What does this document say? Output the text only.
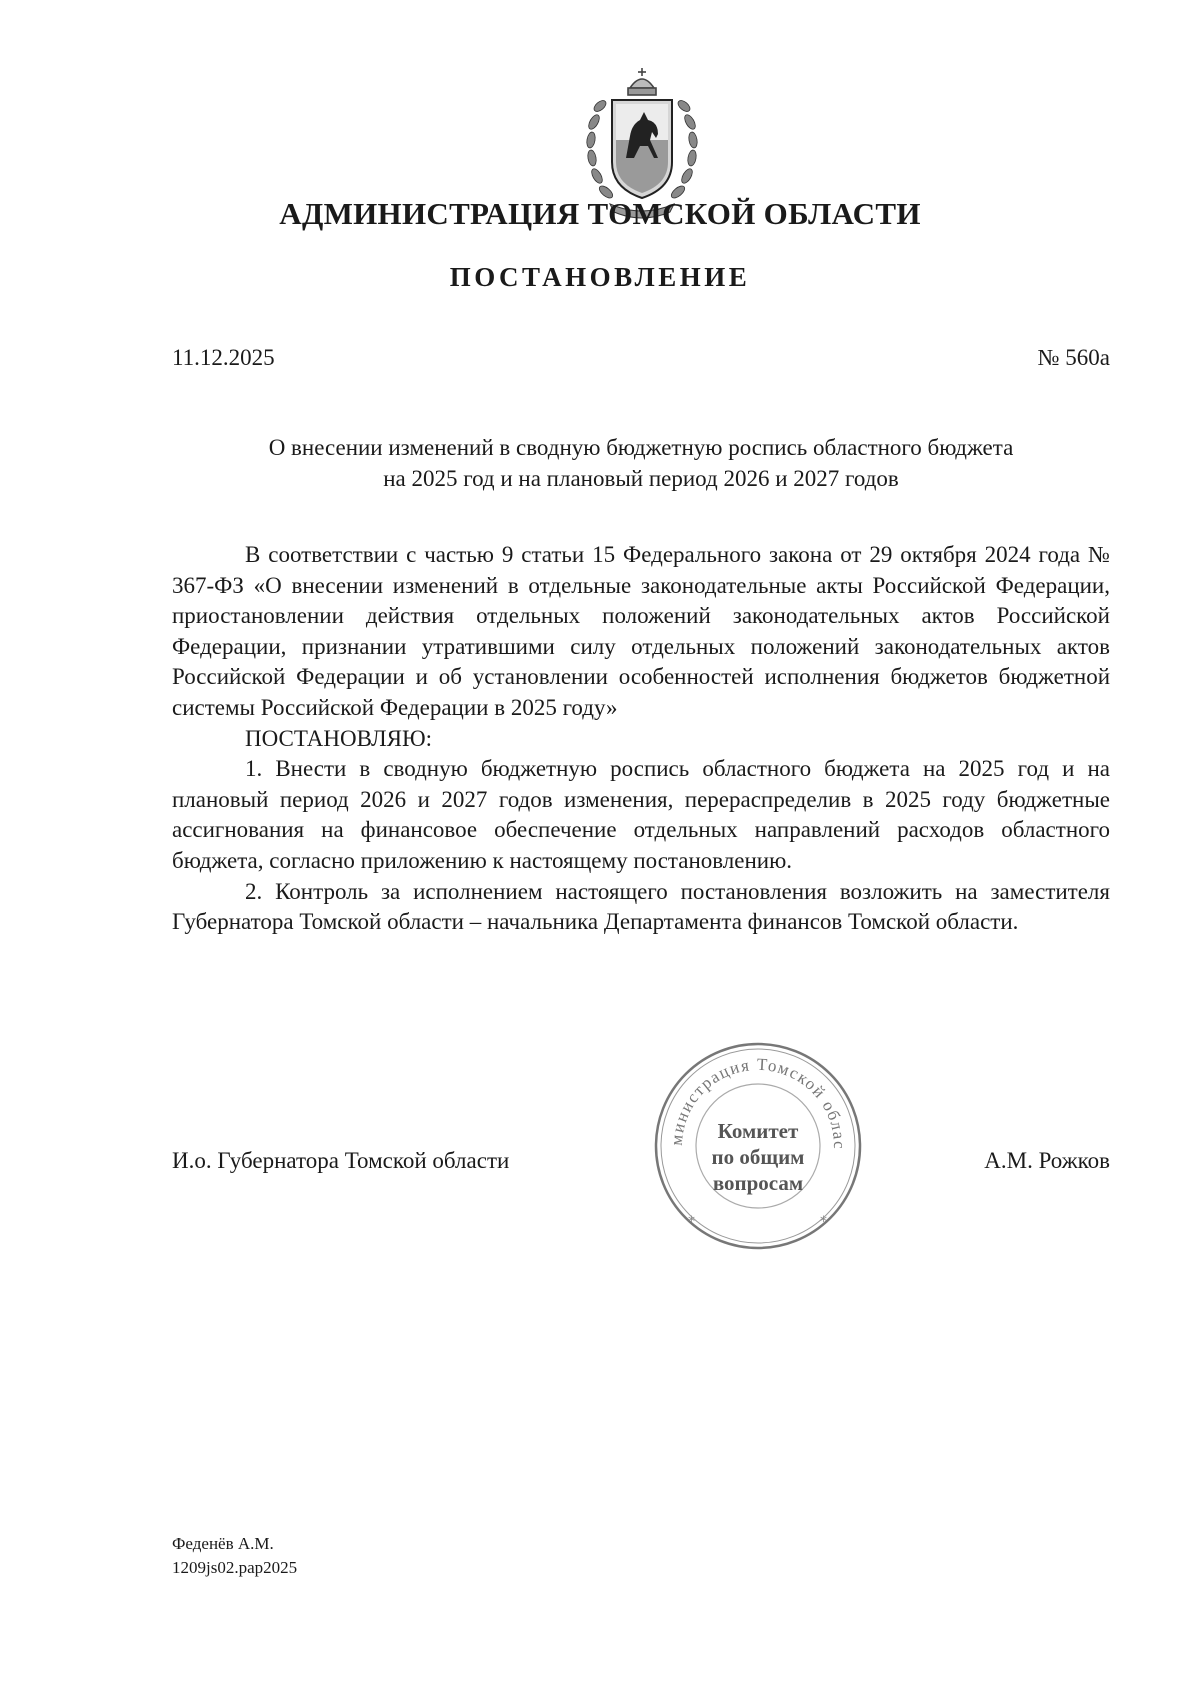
АДМИНИСТРАЦИЯ ТОМСКОЙ ОБЛАСТИ
ПОСТАНОВЛЕНИЕ
11.12.2025	№ 560а
О внесении изменений в сводную бюджетную роспись областного бюджета
на 2025 год и на плановый период 2026 и 2027 годов

В соответствии с частью 9 статьи 15 Федерального закона от 29 октября 2024 года № 367-ФЗ «О внесении изменений в отдельные законодательные акты Российской Федерации, приостановлении действия отдельных положений законодательных актов Российской Федерации, признании утратившими силу отдельных положений законодательных актов Российской Федерации и об установлении особенностей исполнения бюджетов бюджетной системы Российской Федерации в 2025 году»

ПОСТАНОВЛЯЮ:

1. Внести в сводную бюджетную роспись областного бюджета на 2025 год и на плановый период 2026 и 2027 годов изменения, перераспределив в 2025 году бюджетные ассигнования на финансовое обеспечение отдельных направлений расходов областного бюджета, согласно приложению к настоящему постановлению.

2. Контроль за исполнением настоящего постановления возложить на заместителя Губернатора Томской области – начальника Департамента финансов Томской области.

И.о. Губернатора Томской области	А.М. Рожков
министрация Томской облас
*	*
Комитет
по общим
вопросам
Феденёв А.М.
1209js02.pap2025
